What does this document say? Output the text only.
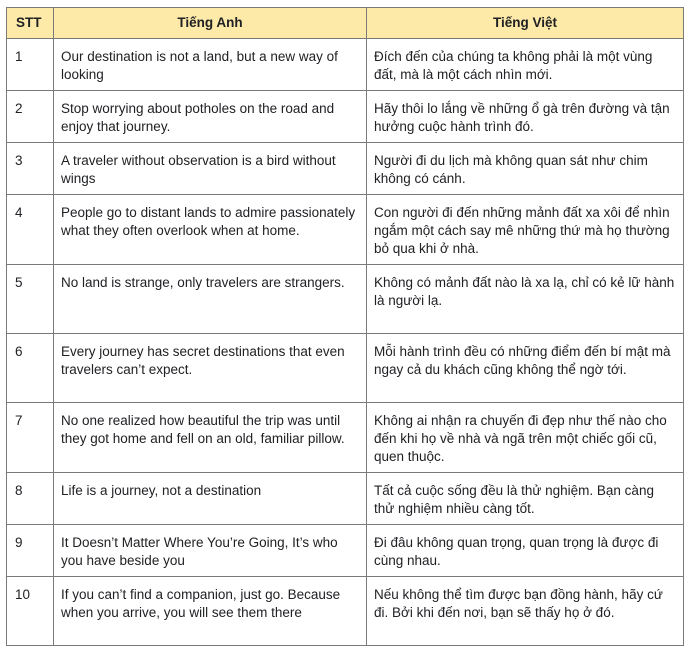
STT	Tiếng Anh	Tiếng Việt
1	Our destination is not a land, but a new way of looking	Đích đến của chúng ta không phải là một vùng đất, mà là một cách nhìn mới.
2	Stop worrying about potholes on the road and enjoy that journey.	Hãy thôi lo lắng về những ổ gà trên đường và tận hưởng cuộc hành trình đó.
3	A traveler without observation is a bird without wings	Người đi du lịch mà không quan sát như chim không có cánh.
4	People go to distant lands to admire passionately what they often overlook when at home.	Con người đi đến những mảnh đất xa xôi để nhìn ngắm một cách say mê những thứ mà họ thường bỏ qua khi ở nhà.
5	No land is strange, only travelers are strangers.	Không có mảnh đất nào là xa lạ, chỉ có kẻ lữ hành là người lạ.
6	Every journey has secret destinations that even travelers can’t expect.	Mỗi hành trình đều có những điểm đến bí mật mà ngay cả du khách cũng không thể ngờ tới.
7	No one realized how beautiful the trip was until they got home and fell on an old, familiar pillow.	Không ai nhận ra chuyến đi đẹp như thế nào cho đến khi họ về nhà và ngã trên một chiếc gối cũ, quen thuộc.
8	Life is a journey, not a destination	Tất cả cuộc sống đều là thử nghiệm. Bạn càng thử nghiệm nhiều càng tốt.
9	It Doesn’t Matter Where You’re Going, It’s who you have beside you	Đi đâu không quan trọng, quan trọng là được đi cùng nhau.
10	If you can’t find a companion, just go. Because when you arrive, you will see them there	Nếu không thể tìm được bạn đồng hành, hãy cứ đi. Bởi khi đến nơi, bạn sẽ thấy họ ở đó.
